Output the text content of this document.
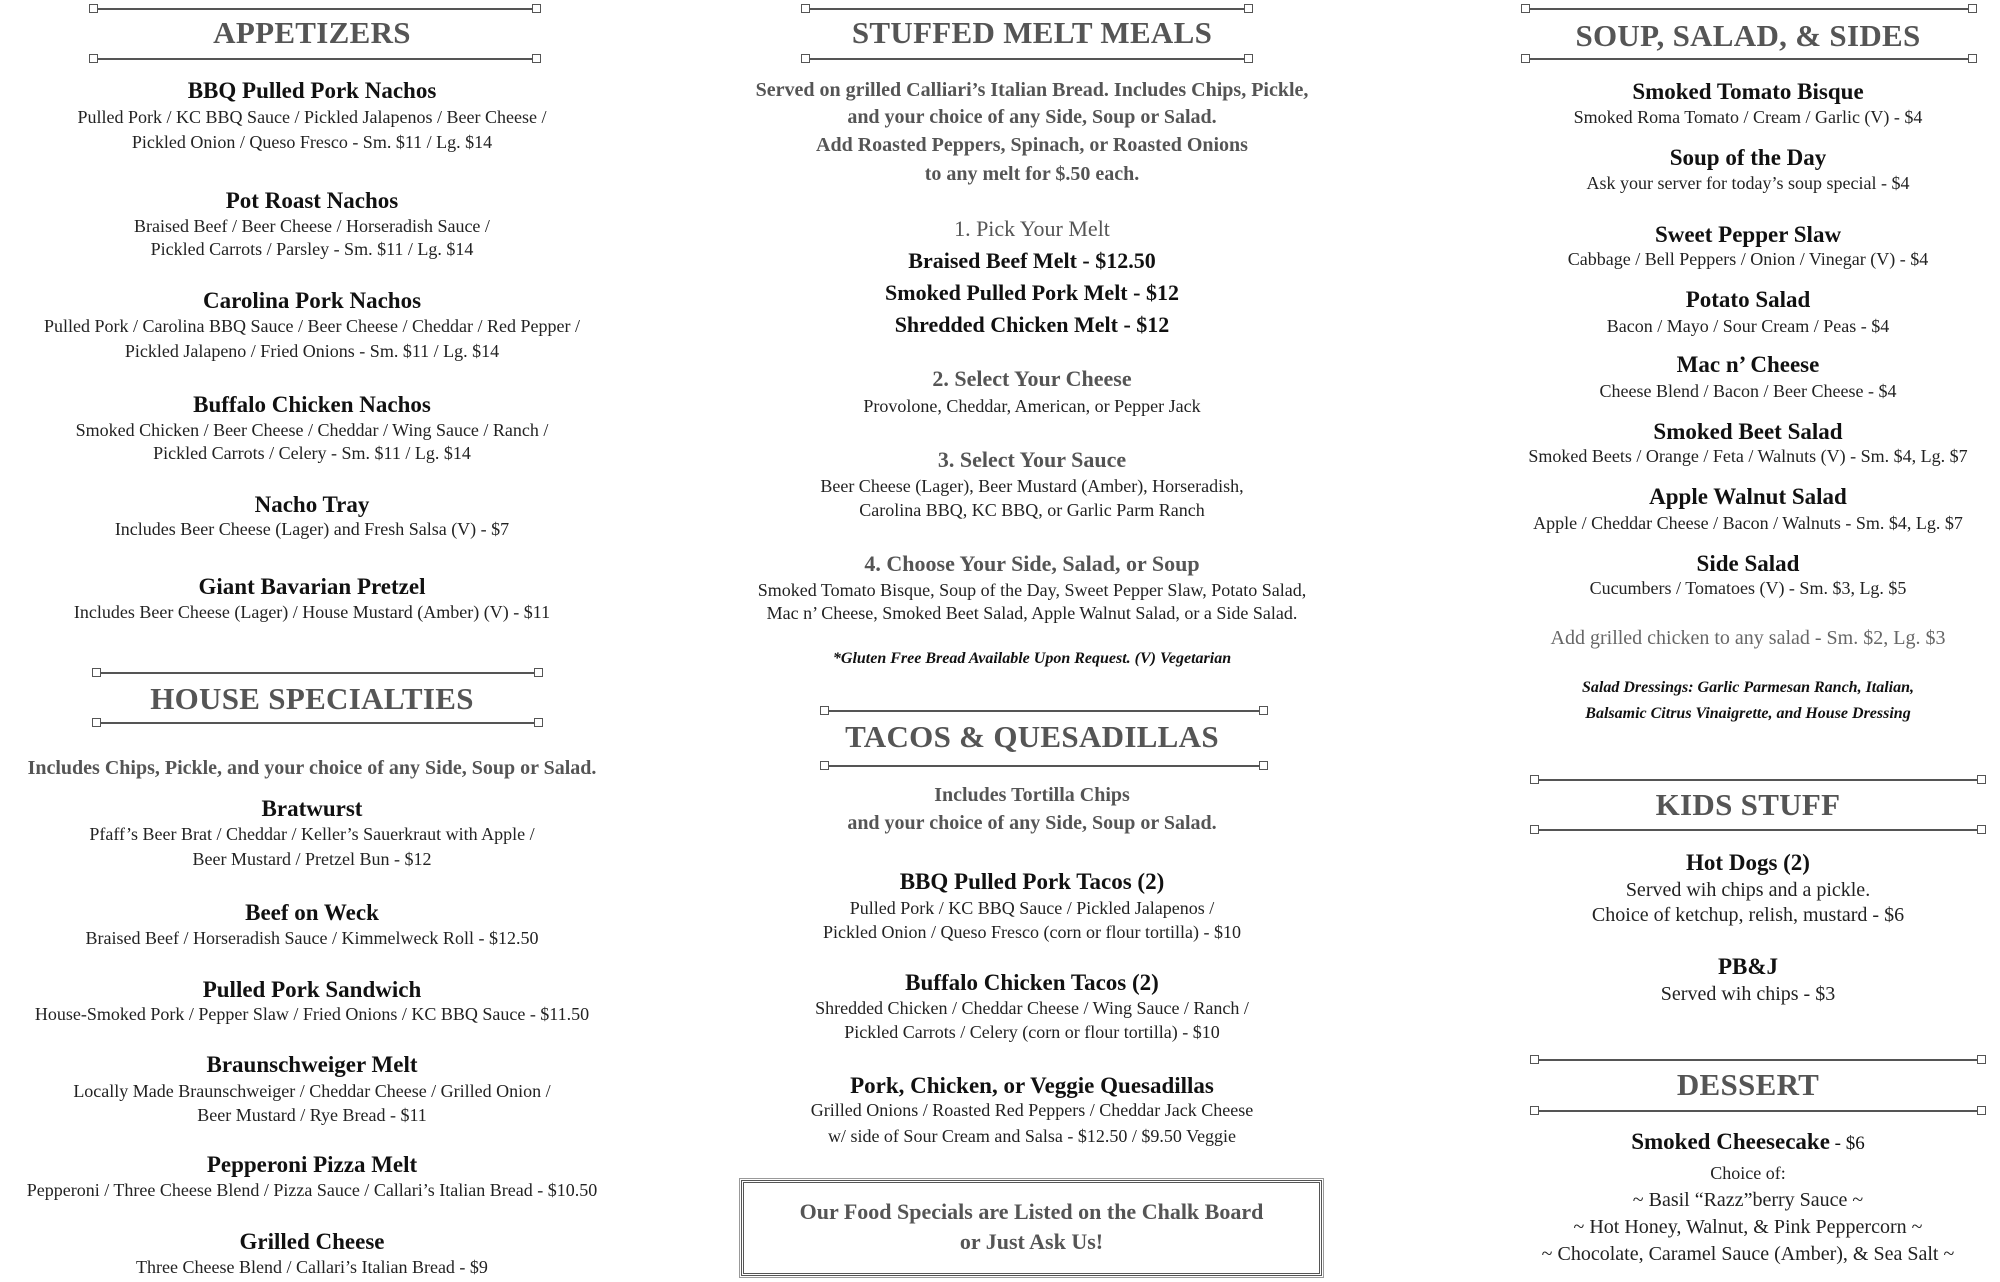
APPETIZERS
BBQ Pulled Pork Nachos
Pulled Pork / KC BBQ Sauce / Pickled Jalapenos / Beer Cheese /
Pickled Onion / Queso Fresco - Sm. $11 / Lg. $14
Pot Roast Nachos
Braised Beef / Beer Cheese / Horseradish Sauce /
Pickled Carrots / Parsley - Sm. $11 / Lg. $14
Carolina Pork Nachos
Pulled Pork / Carolina BBQ Sauce / Beer Cheese / Cheddar / Red Pepper /
Pickled Jalapeno / Fried Onions - Sm. $11 / Lg. $14
Buffalo Chicken Nachos
Smoked Chicken / Beer Cheese / Cheddar / Wing Sauce / Ranch /
Pickled Carrots / Celery - Sm. $11 / Lg. $14
Nacho Tray
Includes Beer Cheese (Lager) and Fresh Salsa (V) - $7
Giant Bavarian Pretzel
Includes Beer Cheese (Lager) / House Mustard (Amber) (V) - $11
HOUSE SPECIALTIES
Includes Chips, Pickle, and your choice of any Side, Soup or Salad.
Bratwurst
Pfaff’s Beer Brat / Cheddar / Keller’s Sauerkraut with Apple /
Beer Mustard / Pretzel Bun - $12
Beef on Weck
Braised Beef / Horseradish Sauce / Kimmelweck Roll - $12.50
Pulled Pork Sandwich
House-Smoked Pork / Pepper Slaw / Fried Onions / KC BBQ Sauce - $11.50
Braunschweiger Melt
Locally Made Braunschweiger / Cheddar Cheese / Grilled Onion /
Beer Mustard / Rye Bread - $11
Pepperoni Pizza Melt
Pepperoni / Three Cheese Blend / Pizza Sauce / Callari’s Italian Bread - $10.50
Grilled Cheese
Three Cheese Blend / Callari’s Italian Bread - $9
STUFFED MELT MEALS
Served on grilled Calliari’s Italian Bread. Includes Chips, Pickle,
and your choice of any Side, Soup or Salad.
Add Roasted Peppers, Spinach, or Roasted Onions
to any melt for $.50 each.
1. Pick Your Melt
Braised Beef Melt - $12.50
Smoked Pulled Pork Melt - $12
Shredded Chicken Melt - $12
2. Select Your Cheese
Provolone, Cheddar, American, or Pepper Jack
3. Select Your Sauce
Beer Cheese (Lager), Beer Mustard (Amber), Horseradish,
Carolina BBQ, KC BBQ, or Garlic Parm Ranch
4. Choose Your Side, Salad, or Soup
Smoked Tomato Bisque, Soup of the Day, Sweet Pepper Slaw, Potato Salad,
Mac n’ Cheese, Smoked Beet Salad, Apple Walnut Salad, or a Side Salad.
*Gluten Free Bread Available Upon Request. (V) Vegetarian
TACOS & QUESADILLAS
Includes Tortilla Chips
and your choice of any Side, Soup or Salad.
BBQ Pulled Pork Tacos (2)
Pulled Pork / KC BBQ Sauce / Pickled Jalapenos /
Pickled Onion / Queso Fresco (corn or flour tortilla) - $10
Buffalo Chicken Tacos (2)
Shredded Chicken / Cheddar Cheese / Wing Sauce / Ranch /
Pickled Carrots / Celery (corn or flour tortilla) - $10
Pork, Chicken, or Veggie Quesadillas
Grilled Onions / Roasted Red Peppers / Cheddar Jack Cheese
w/ side of Sour Cream and Salsa - $12.50 / $9.50 Veggie
Our Food Specials are Listed on the Chalk Board
or Just Ask Us!
SOUP, SALAD, & SIDES
Smoked Tomato Bisque
Smoked Roma Tomato / Cream / Garlic (V) - $4
Soup of the Day
Ask your server for today’s soup special - $4
Sweet Pepper Slaw
Cabbage / Bell Peppers / Onion / Vinegar (V) - $4
Potato Salad
Bacon / Mayo / Sour Cream / Peas - $4
Mac n’ Cheese
Cheese Blend / Bacon / Beer Cheese - $4
Smoked Beet Salad
Smoked Beets / Orange / Feta / Walnuts (V) - Sm. $4, Lg. $7
Apple Walnut Salad
Apple / Cheddar Cheese / Bacon / Walnuts - Sm. $4, Lg. $7
Side Salad
Cucumbers / Tomatoes (V) - Sm. $3, Lg. $5
Add grilled chicken to any salad - Sm. $2, Lg. $3
Salad Dressings: Garlic Parmesan Ranch, Italian,
Balsamic Citrus Vinaigrette, and House Dressing
KIDS STUFF
Hot Dogs (2)
Served wih chips and a pickle.
Choice of ketchup, relish, mustard - $6
PB&J
Served wih chips - $3
DESSERT
Smoked Cheesecake - $6
Choice of:
~ Basil “Razz”berry Sauce ~
~ Hot Honey, Walnut, & Pink Peppercorn ~
~ Chocolate, Caramel Sauce (Amber), & Sea Salt ~
